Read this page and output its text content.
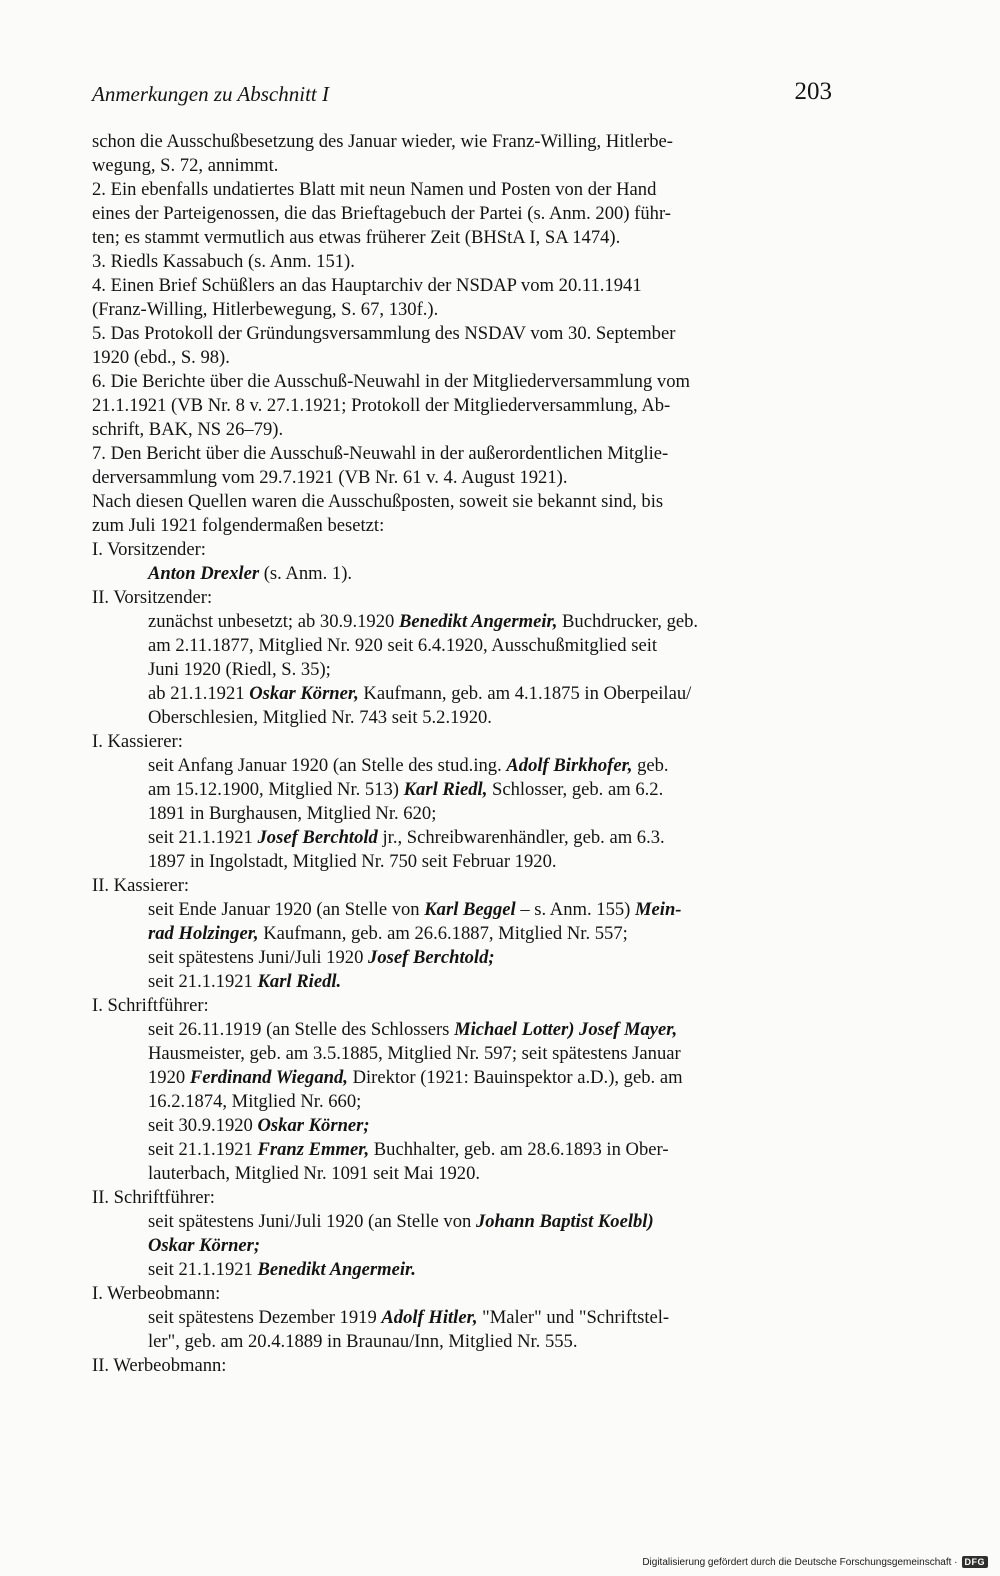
Anmerkungen zu Abschnitt I	203
schon die Ausschußbesetzung des Januar wieder, wie Franz-Willing, Hitlerbe-
wegung, S. 72, annimmt.
2. Ein ebenfalls undatiertes Blatt mit neun Namen und Posten von der Hand
eines der Parteigenossen, die das Brieftagebuch der Partei (s. Anm. 200) führ-
ten; es stammt vermutlich aus etwas früherer Zeit (BHStA I, SA 1474).
3. Riedls Kassabuch (s. Anm. 151).
4. Einen Brief Schüßlers an das Hauptarchiv der NSDAP vom 20.11.1941
(Franz-Willing, Hitlerbewegung, S. 67, 130f.).
5. Das Protokoll der Gründungsversammlung des NSDAV vom 30. September
1920 (ebd., S. 98).
6. Die Berichte über die Ausschuß-Neuwahl in der Mitgliederversammlung vom
21.1.1921 (VB Nr. 8 v. 27.1.1921; Protokoll der Mitgliederversammlung, Ab-
schrift, BAK, NS 26–79).
7. Den Bericht über die Ausschuß-Neuwahl in der außerordentlichen Mitglie-
derversammlung vom 29.7.1921 (VB Nr. 61 v. 4. August 1921).
Nach diesen Quellen waren die Ausschußposten, soweit sie bekannt sind, bis
zum Juli 1921 folgendermaßen besetzt:
I. Vorsitzender:
Anton Drexler (s. Anm. 1).
II. Vorsitzender:
zunächst unbesetzt; ab 30.9.1920 Benedikt Angermeir, Buchdrucker, geb.
am 2.11.1877, Mitglied Nr. 920 seit 6.4.1920, Ausschußmitglied seit
Juni 1920 (Riedl, S. 35);
ab 21.1.1921 Oskar Körner, Kaufmann, geb. am 4.1.1875 in Oberpeilau/
Oberschlesien, Mitglied Nr. 743 seit 5.2.1920.
I. Kassierer:
seit Anfang Januar 1920 (an Stelle des stud.ing. Adolf Birkhofer, geb.
am 15.12.1900, Mitglied Nr. 513) Karl Riedl, Schlosser, geb. am 6.2.
1891 in Burghausen, Mitglied Nr. 620;
seit 21.1.1921 Josef Berchtold jr., Schreibwarenhändler, geb. am 6.3.
1897 in Ingolstadt, Mitglied Nr. 750 seit Februar 1920.
II. Kassierer:
seit Ende Januar 1920 (an Stelle von Karl Beggel – s. Anm. 155) Mein-
rad Holzinger, Kaufmann, geb. am 26.6.1887, Mitglied Nr. 557;
seit spätestens Juni/Juli 1920 Josef Berchtold;
seit 21.1.1921 Karl Riedl.
I. Schriftführer:
seit 26.11.1919 (an Stelle des Schlossers Michael Lotter) Josef Mayer,
Hausmeister, geb. am 3.5.1885, Mitglied Nr. 597; seit spätestens Januar
1920 Ferdinand Wiegand, Direktor (1921: Bauinspektor a.D.), geb. am
16.2.1874, Mitglied Nr. 660;
seit 30.9.1920 Oskar Körner;
seit 21.1.1921 Franz Emmer, Buchhalter, geb. am 28.6.1893 in Ober-
lauterbach, Mitglied Nr. 1091 seit Mai 1920.
II. Schriftführer:
seit spätestens Juni/Juli 1920 (an Stelle von Johann Baptist Koelbl)
Oskar Körner;
seit 21.1.1921 Benedikt Angermeir.
I. Werbeobmann:
seit spätestens Dezember 1919 Adolf Hitler, "Maler" und "Schriftstel-
ler", geb. am 20.4.1889 in Braunau/Inn, Mitglied Nr. 555.
II. Werbeobmann:
Digitalisierung gefördert durch die Deutsche Forschungsgemeinschaft · DFG
